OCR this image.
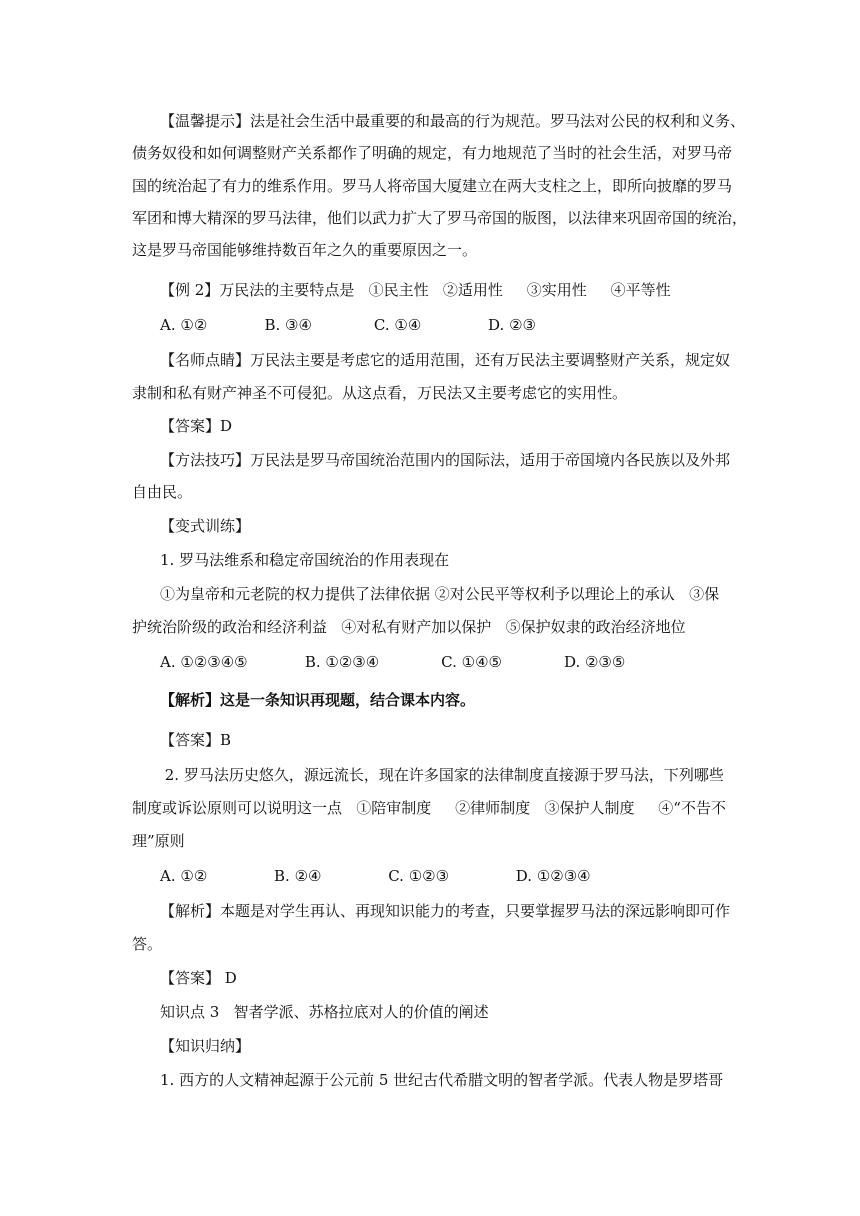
【温馨提示】法是社会生活中最重要的和最高的行为规范。罗马法对公民的权利和义务、
债务奴役和如何调整财产关系都作了明确的规定，有力地规范了当时的社会生活，对罗马帝
国的统治起了有力的维系作用。罗马人将帝国大厦建立在两大支柱之上，即所向披靡的罗马
军团和博大精深的罗马法律，他们以武力扩大了罗马帝国的版图，以法律来巩固帝国的统治，
这是罗马帝国能够维持数百年之久的重要原因之一。
【例 2】万民法的主要特点是   ①民主性   ②适用性     ③实用性     ④平等性
A. ①②            B. ③④             C. ①④              D. ②③
【名师点睛】万民法主要是考虑它的适用范围，还有万民法主要调整财产关系，规定奴
隶制和私有财产神圣不可侵犯。从这点看，万民法又主要考虑它的实用性。
【答案】D
【方法技巧】万民法是罗马帝国统治范围内的国际法，适用于帝国境内各民族以及外邦
自由民。
【变式训练】
1. 罗马法维系和稳定帝国统治的作用表现在
①为皇帝和元老院的权力提供了法律依据 ②对公民平等权利予以理论上的承认   ③保
护统治阶级的政治和经济利益   ④对私有财产加以保护   ⑤保护奴隶的政治经济地位
A. ①②③④⑤            B. ①②③④             C. ①④⑤             D. ②③⑤
【解析】这是一条知识再现题，结合课本内容。
【答案】B
2. 罗马法历史悠久，源远流长，现在许多国家的法律制度直接源于罗马法，下列哪些
制度或诉讼原则可以说明这一点   ①陪审制度     ②律师制度   ③保护人制度     ④“不告不
理”原则
A. ①②              B. ②④              C. ①②③              D. ①②③④
【解析】本题是对学生再认、再现知识能力的考查，只要掌握罗马法的深远影响即可作
答。
【答案】 D
知识点 3   智者学派、苏格拉底对人的价值的阐述
【知识归纳】
1. 西方的人文精神起源于公元前 5 世纪古代希腊文明的智者学派。代表人物是罗塔哥
